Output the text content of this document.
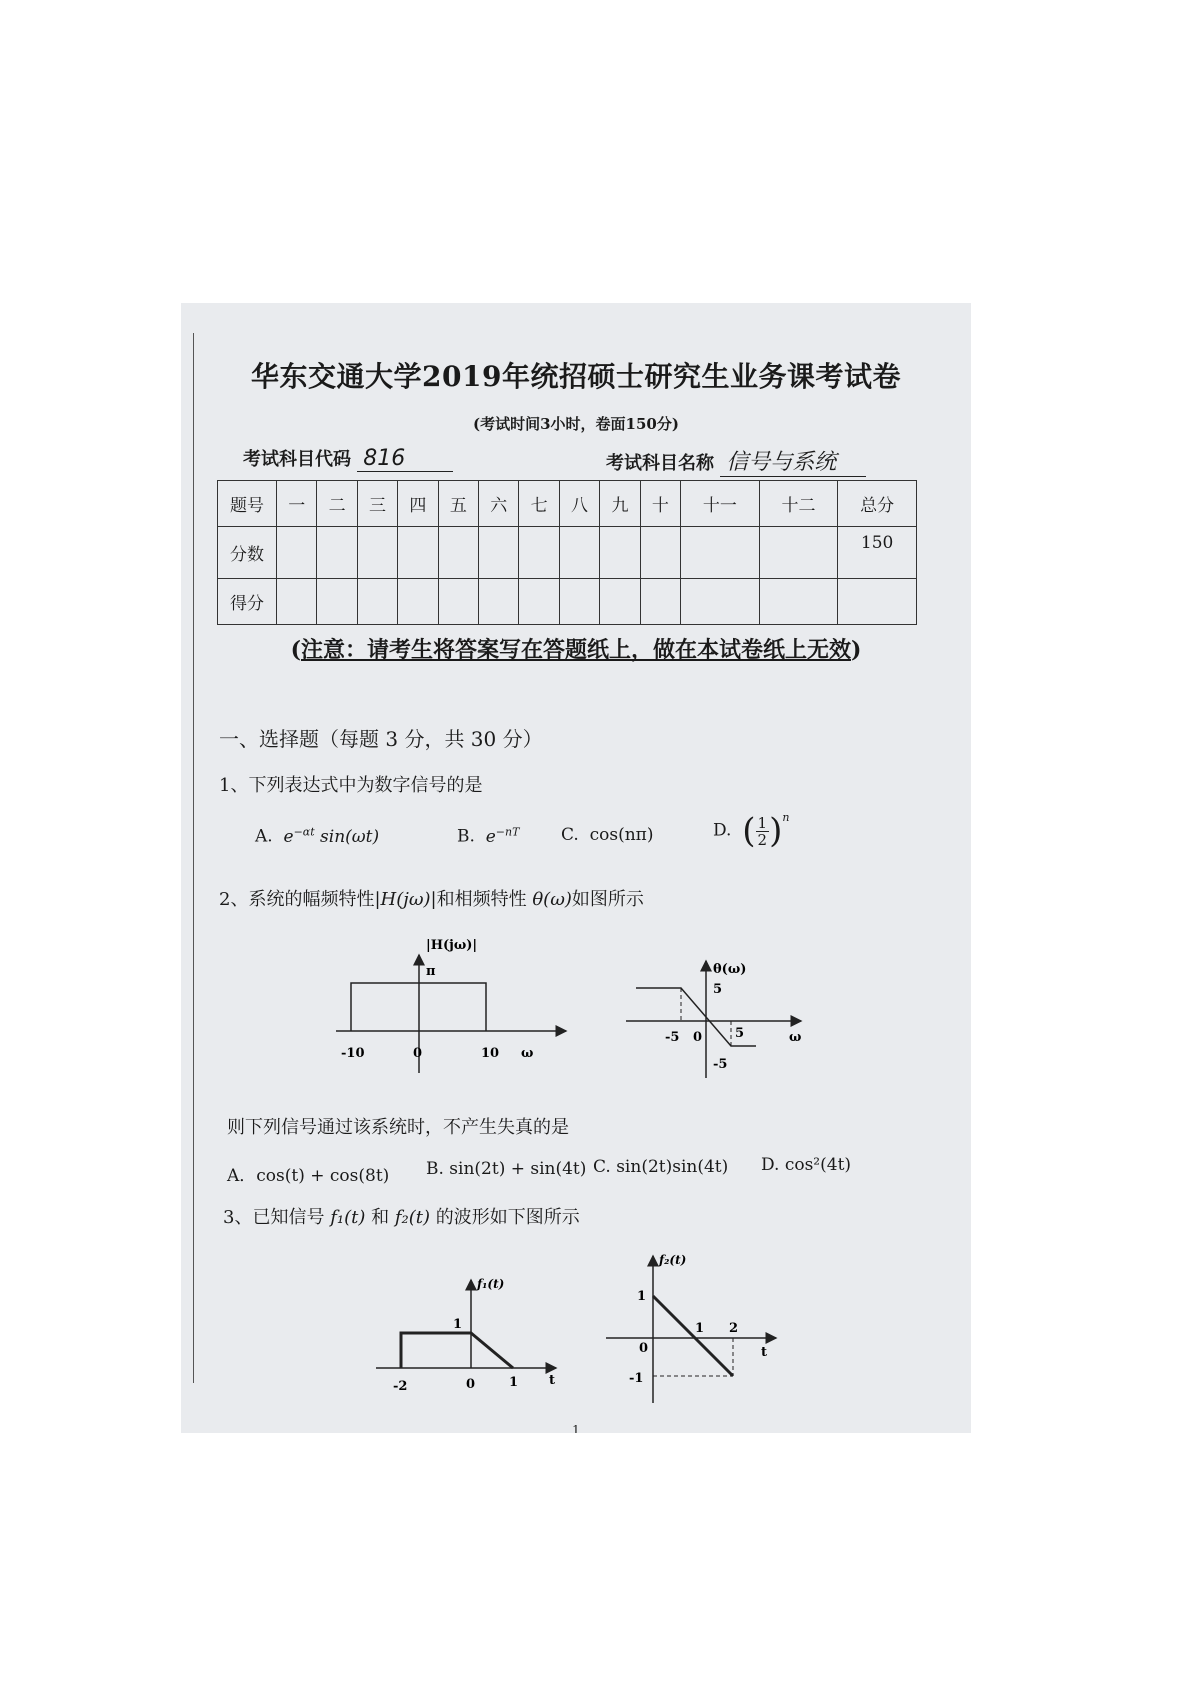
华东交通大学2019年统招硕士研究生业务课考试卷
(考试时间3小时，卷面150分)
考试科目代码 816	考试科目名称 信号与系统
题号	一	二	三	四	五	六	七	八	九	十	十一	十二	总分
分数													150
得分													
(注意：请考生将答案写在答题纸上，做在本试卷纸上无效)
一、选择题（每题 3 分，共 30 分）
1、下列表达式中为数字信号的是
A. $e^{-\alpha t}$ sin(ωt)	B. $e^{-nT}$ C. cos(nπ)	D. ( $\frac{1}{2} )^n$
2、系统的幅频特性|H(jω)|和相频特性 θ(ω)如图所示
|H(jω)|
π
-10	0	10 ω
θ(ω)
5
-5
-5 0	5	ω
则下列信号通过该系统时，不产生失真的是
A．cos(t) + cos(8t) B. sin(2t) + sin(4t) C. sin(2t)sin(4t) D. cos²(4t)
3、已知信号 f₁(t) 和 f₂(t) 的波形如下图所示
f₁(t)
1
-2	0	1 t
f₂(t)
1
-1
0
1 2
t
1
